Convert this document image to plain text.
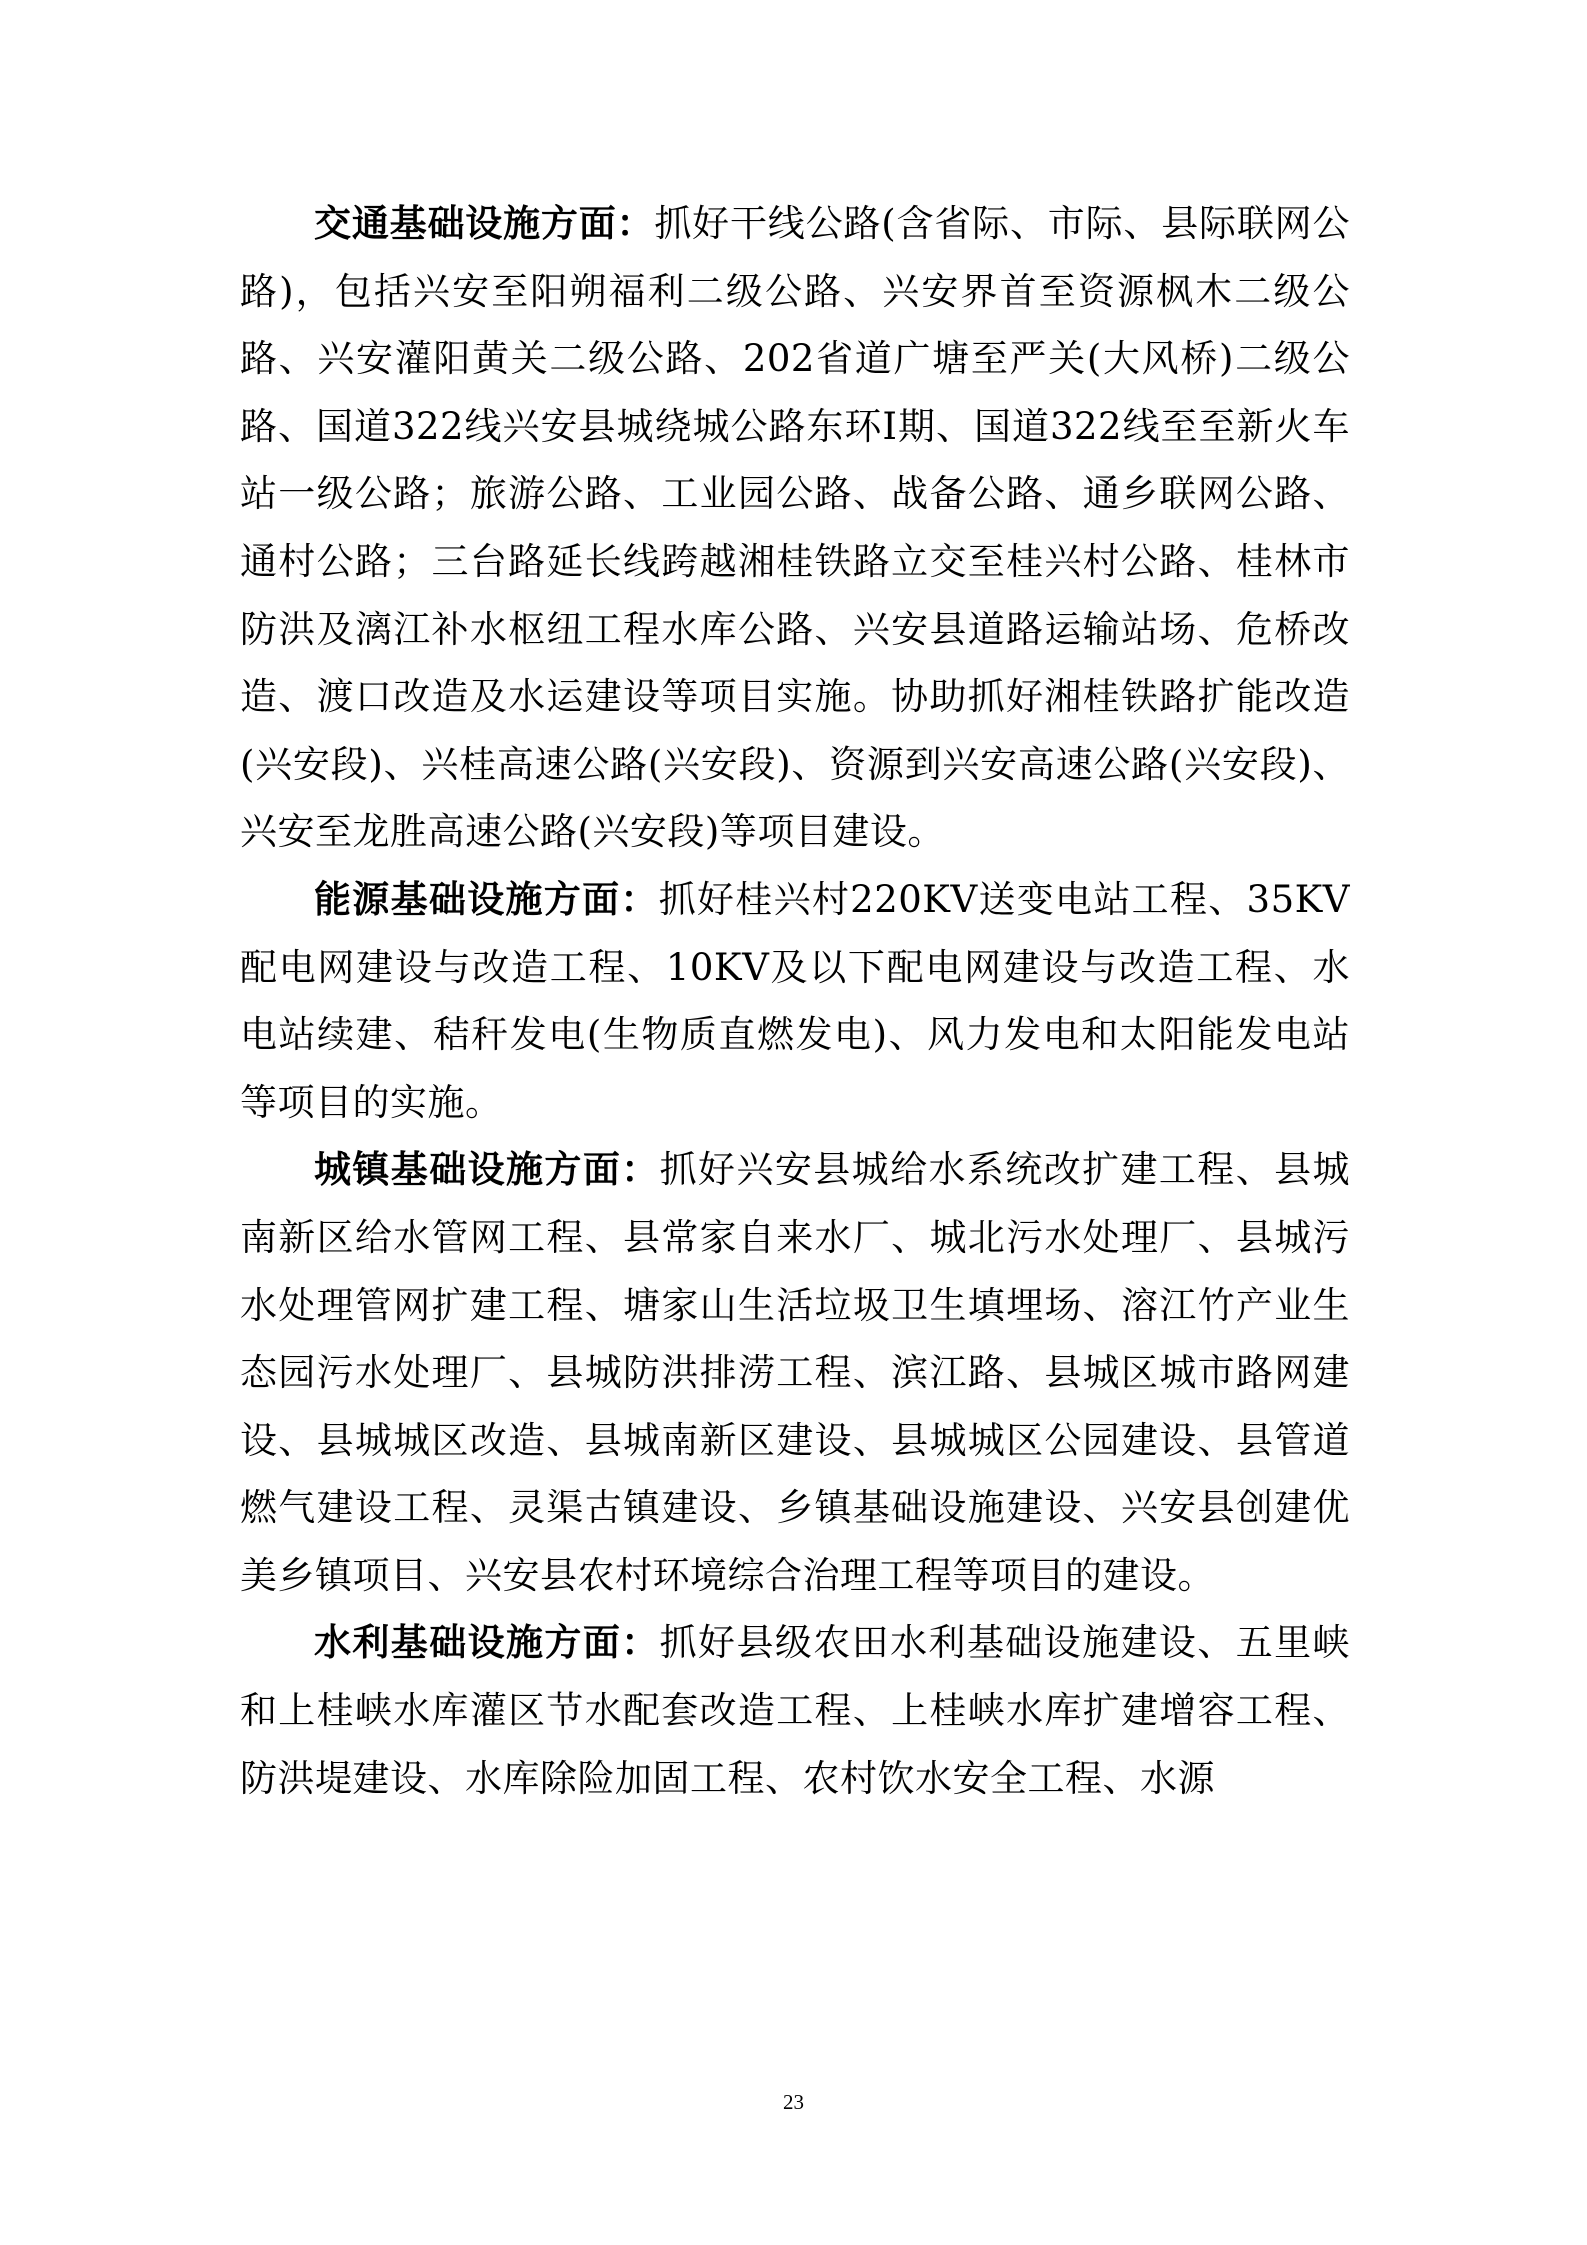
交通基础设施方面：抓好干线公路(含省际、市际、县际联网公路)，包括兴安至阳朔福利二级公路、兴安界首至资源枫木二级公路、兴安灌阳黄关二级公路、202省道广塘至严关(大风桥)二级公路、国道322线兴安县城绕城公路东环Ⅰ期、国道322线至至新火车站一级公路；旅游公路、工业园公路、战备公路、通乡联网公路、通村公路；三台路延长线跨越湘桂铁路立交至桂兴村公路、桂林市防洪及漓江补水枢纽工程水库公路、兴安县道路运输站场、危桥改造、渡口改造及水运建设等项目实施。协助抓好湘桂铁路扩能改造(兴安段)、兴桂高速公路(兴安段)、资源到兴安高速公路(兴安段)、兴安至龙胜高速公路(兴安段)等项目建设。

能源基础设施方面：抓好桂兴村220KV送变电站工程、35KV配电网建设与改造工程、10KV及以下配电网建设与改造工程、水电站续建、秸秆发电(生物质直燃发电)、风力发电和太阳能发电站等项目的实施。

城镇基础设施方面：抓好兴安县城给水系统改扩建工程、县城南新区给水管网工程、县常家自来水厂、城北污水处理厂、县城污水处理管网扩建工程、塘家山生活垃圾卫生填埋场、溶江竹产业生态园污水处理厂、县城防洪排涝工程、滨江路、县城区城市路网建设、县城城区改造、县城南新区建设、县城城区公园建设、县管道燃气建设工程、灵渠古镇建设、乡镇基础设施建设、兴安县创建优美乡镇项目、兴安县农村环境综合治理工程等项目的建设。

水利基础设施方面：抓好县级农田水利基础设施建设、五里峡和上桂峡水库灌区节水配套改造工程、上桂峡水库扩建增容工程、防洪堤建设、水库除险加固工程、农村饮水安全工程、水源

23
